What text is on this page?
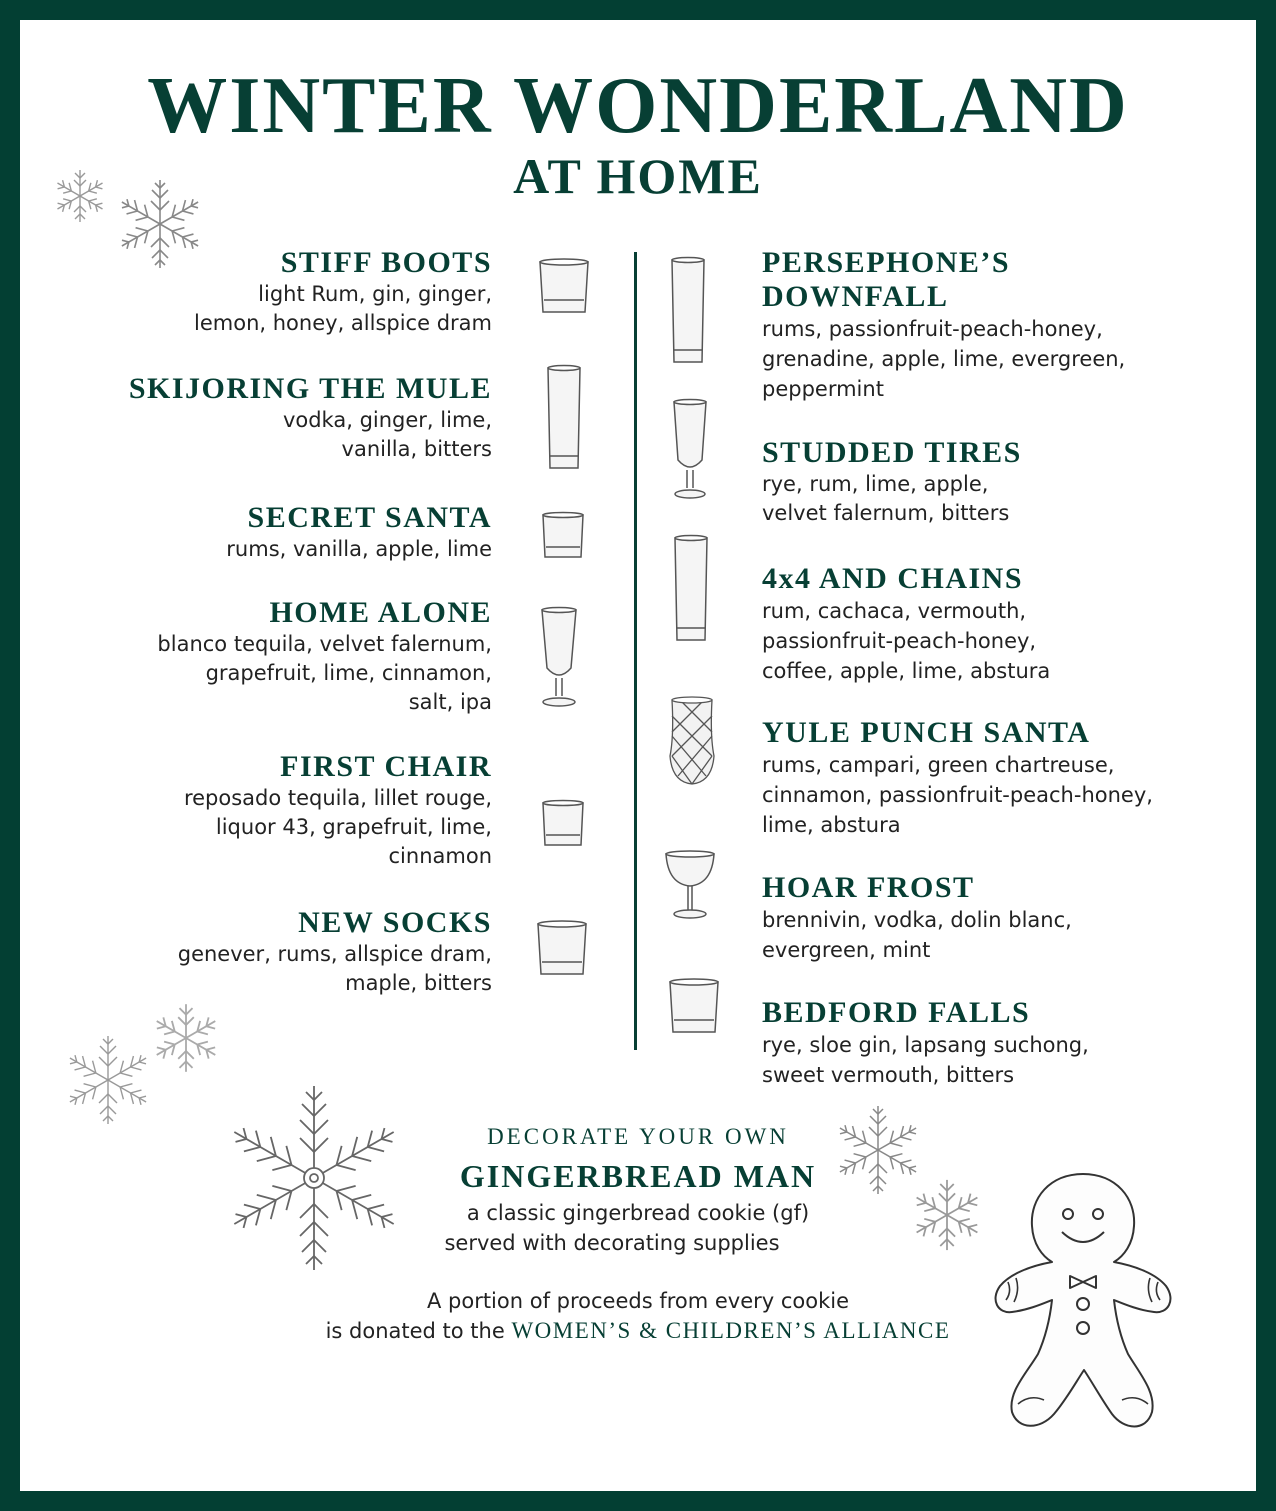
WINTER WONDERLAND
AT HOME
STIFF BOOTS
light Rum, gin, ginger,
lemon, honey, allspice dram
SKIJORING THE MULE
vodka, ginger, lime,
vanilla, bitters
SECRET SANTA
rums, vanilla, apple, lime
HOME ALONE
blanco tequila, velvet falernum,
grapefruit, lime, cinnamon,
salt, ipa
FIRST CHAIR
reposado tequila, lillet rouge,
liquor 43, grapefruit, lime,
cinnamon
NEW SOCKS
genever, rums, allspice dram,
maple, bitters
PERSEPHONE’S
DOWNFALL
rums, passionfruit-peach-honey,
grenadine, apple, lime, evergreen,
peppermint
STUDDED TIRES
rye, rum, lime, apple,
velvet falernum, bitters
4x4 AND CHAINS
rum, cachaca, vermouth,
passionfruit-peach-honey,
coffee, apple, lime, abstura
YULE PUNCH SANTA
rums, campari, green chartreuse,
cinnamon, passionfruit-peach-honey,
lime, abstura
HOAR FROST
brennivin, vodka, dolin blanc,
evergreen, mint
BEDFORD FALLS
rye, sloe gin, lapsang suchong,
sweet vermouth, bitters
DECORATE YOUR OWN
GINGERBREAD MAN
a classic gingerbread cookie (gf)
served with decorating supplies
A portion of proceeds from every cookie
is donated to the WOMEN’S & CHILDREN’S ALLIANCE
